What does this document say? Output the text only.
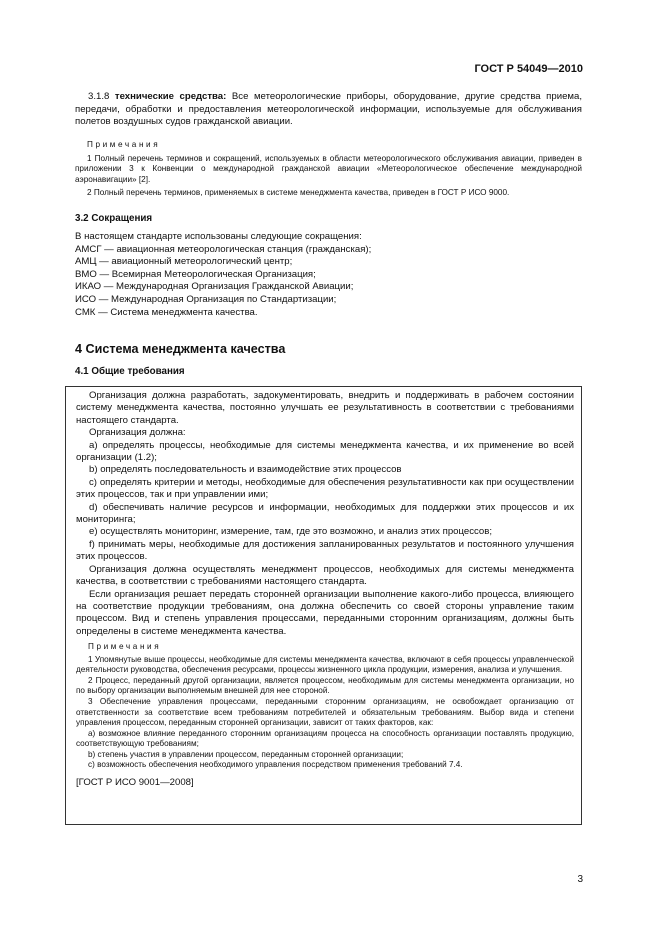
ГОСТ Р 54049—2010

3.1.8 технические средства: Все метеорологические приборы, оборудование, другие средства приема, передачи, обработки и предоставления метеорологической информации, используемые для обслуживания полетов воздушных судов гражданской авиации.

Примечания

1 Полный перечень терминов и сокращений, используемых в области метеорологического обслуживания авиации, приведен в приложении 3 к Конвенции о международной гражданской авиации «Метеорологическое обеспечение международной аэронавигации» [2].

2 Полный перечень терминов, применяемых в системе менеджмента качества, приведен в ГОСТ Р ИСО 9000.

3.2 Сокращения
В настоящем стандарте использованы следующие сокращения:
АМСГ — авиационная метеорологическая станция (гражданская);
АМЦ — авиационный метеорологический центр;
ВМО — Всемирная Метеорологическая Организация;
ИКАО — Международная Организация Гражданской Авиации;
ИСО — Международная Организация по Стандартизации;
СМК — Система менеджмента качества.
4 Система менеджмента качества
4.1 Общие требования

Организация должна разработать, задокументировать, внедрить и поддерживать в рабочем состоянии систему менеджмента качества, постоянно улучшать ее результативность в соответствии с требованиями настоящего стандарта.

Организация должна:

а) определять процессы, необходимые для системы менеджмента качества, и их применение во всей организации (1.2);

b) определять последовательность и взаимодействие этих процессов

c) определять критерии и методы, необходимые для обеспечения результативности как при осуществлении этих процессов, так и при управлении ими;

d) обеспечивать наличие ресурсов и информации, необходимых для поддержки этих процессов и их мониторинга;

e) осуществлять мониторинг, измерение, там, где это возможно, и анализ этих процессов;

f) принимать меры, необходимые для достижения запланированных результатов и постоянного улучшения этих процессов.

Организация должна осуществлять менеджмент процессов, необходимых для системы менеджмента качества, в соответствии с требованиями настоящего стандарта.

Если организация решает передать сторонней организации выполнение какого-либо процесса, влияющего на соответствие продукции требованиям, она должна обеспечить со своей стороны управление таким процессом. Вид и степень управления процессами, переданными сторонним организациям, должны быть определены в системе менеджмента качества.

Примечания

1 Упомянутые выше процессы, необходимые для системы менеджмента качества, включают в себя процессы управленческой деятельности руководства, обеспечения ресурсами, процессы жизненного цикла продукции, измерения, анализа и улучшения.

2 Процесс, переданный другой организации, является процессом, необходимым для системы менеджмента организации, но по выбору организации выполняемым внешней для нее стороной.

3 Обеспечение управления процессами, переданными сторонним организациям, не освобождает организацию от ответственности за соответствие всем требованиям потребителей и обязательным требованиям. Выбор вида и степени управления процессом, переданным сторонней организации, зависит от таких факторов, как:

а) возможное влияние переданного сторонним организациям процесса на способность организации поставлять продукцию, соответствующую требованиям;

b) степень участия в управлении процессом, переданным сторонней организации;

c) возможность обеспечения необходимого управления посредством применения требований 7.4.

[ГОСТ Р ИСО 9001—2008]

3
